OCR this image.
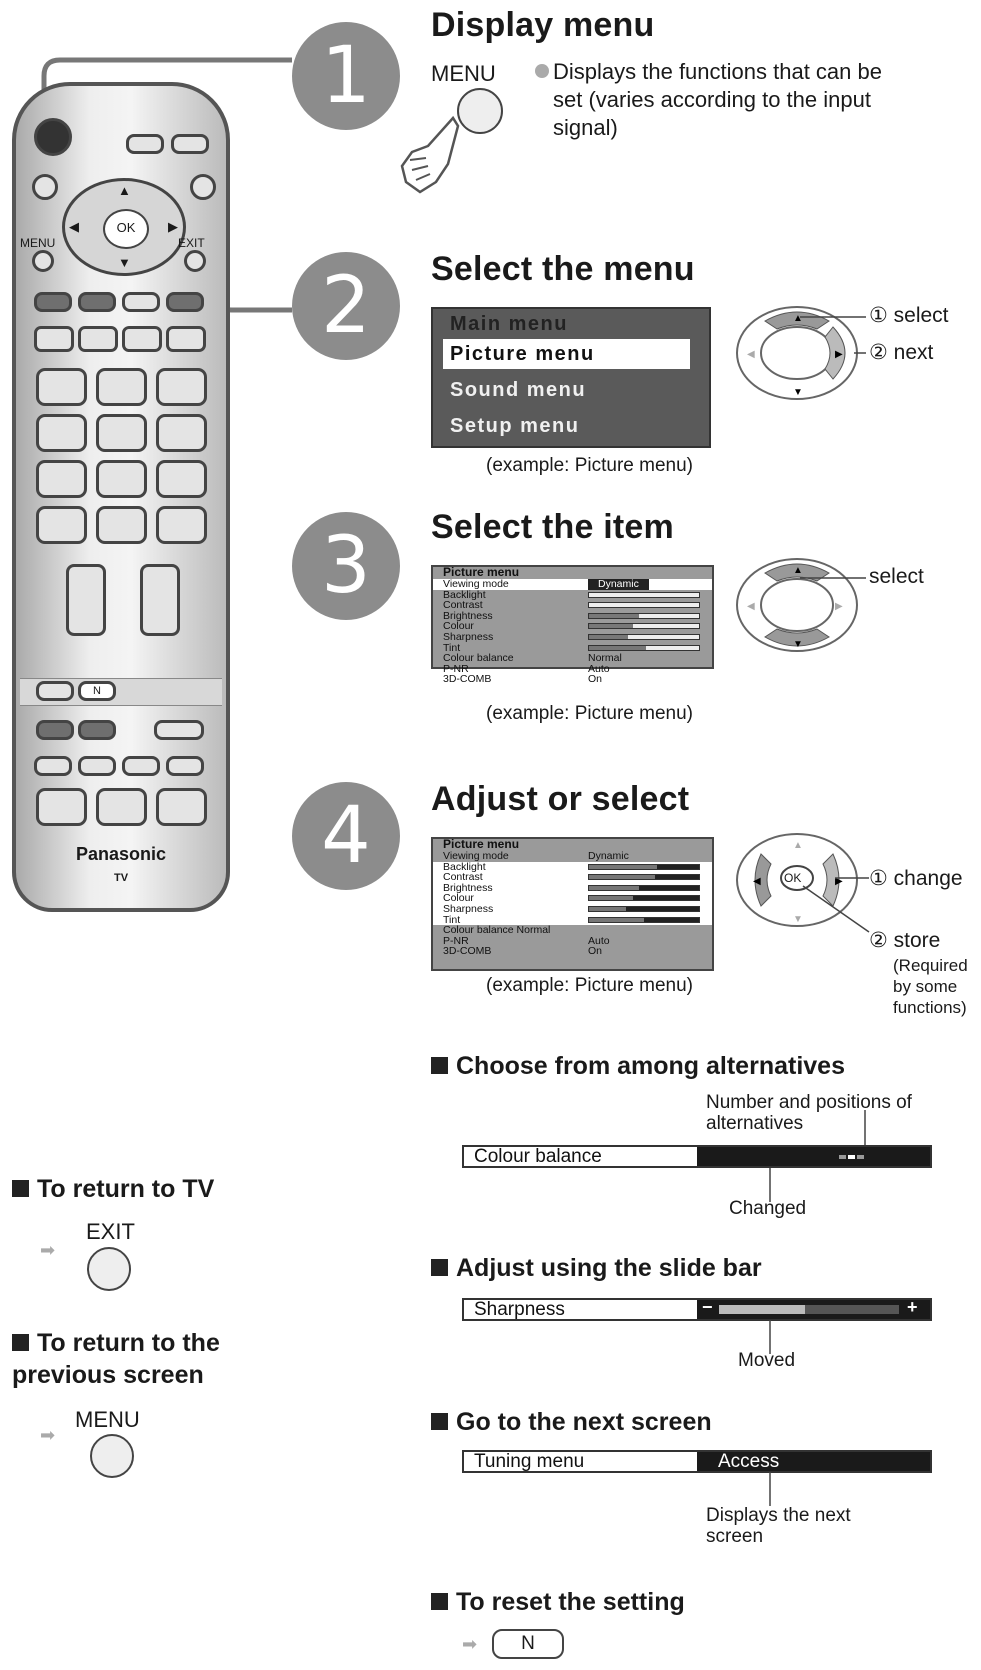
1
2
3
4
▲
▼
◀	▶
OK
MENU	EXIT
N
Panasonic
TV
Display menu
MENU	Displays the functions that can be set (varies according to the input signal)
Select the menu
Main menu
Picture menu
Sound menu
Setup menu
(example: Picture menu)
▲
▶
▼
◀
① select
② next
Select the item
Picture menu
Viewing mode	Dynamic
Backlight
Contrast
Brightness
Colour
Sharpness
Tint
Colour balance	Normal
P-NR	Auto
3D-COMB	On
(example: Picture menu)
▲
▶
▼
◀
select
Adjust or select
Picture menu
Viewing mode	Dynamic
Backlight
Contrast
Brightness
Colour
Sharpness
Tint
Colour balance Normal
P-NR	Auto
3D-COMB	On
(example: Picture menu)
▲
▶
▼
◀ OK	① change
② store
(Required by some functions)
Choose from among alternatives
Number and positions of alternatives
Colour balance
Changed
Adjust using the slide bar
Sharpness	−	+
Moved
Go to the next screen
Tuning menu	Access
Displays the next screen
To reset the setting
➡	N
To return to TV
➡
EXIT
To return to the previous screen
➡
MENU
